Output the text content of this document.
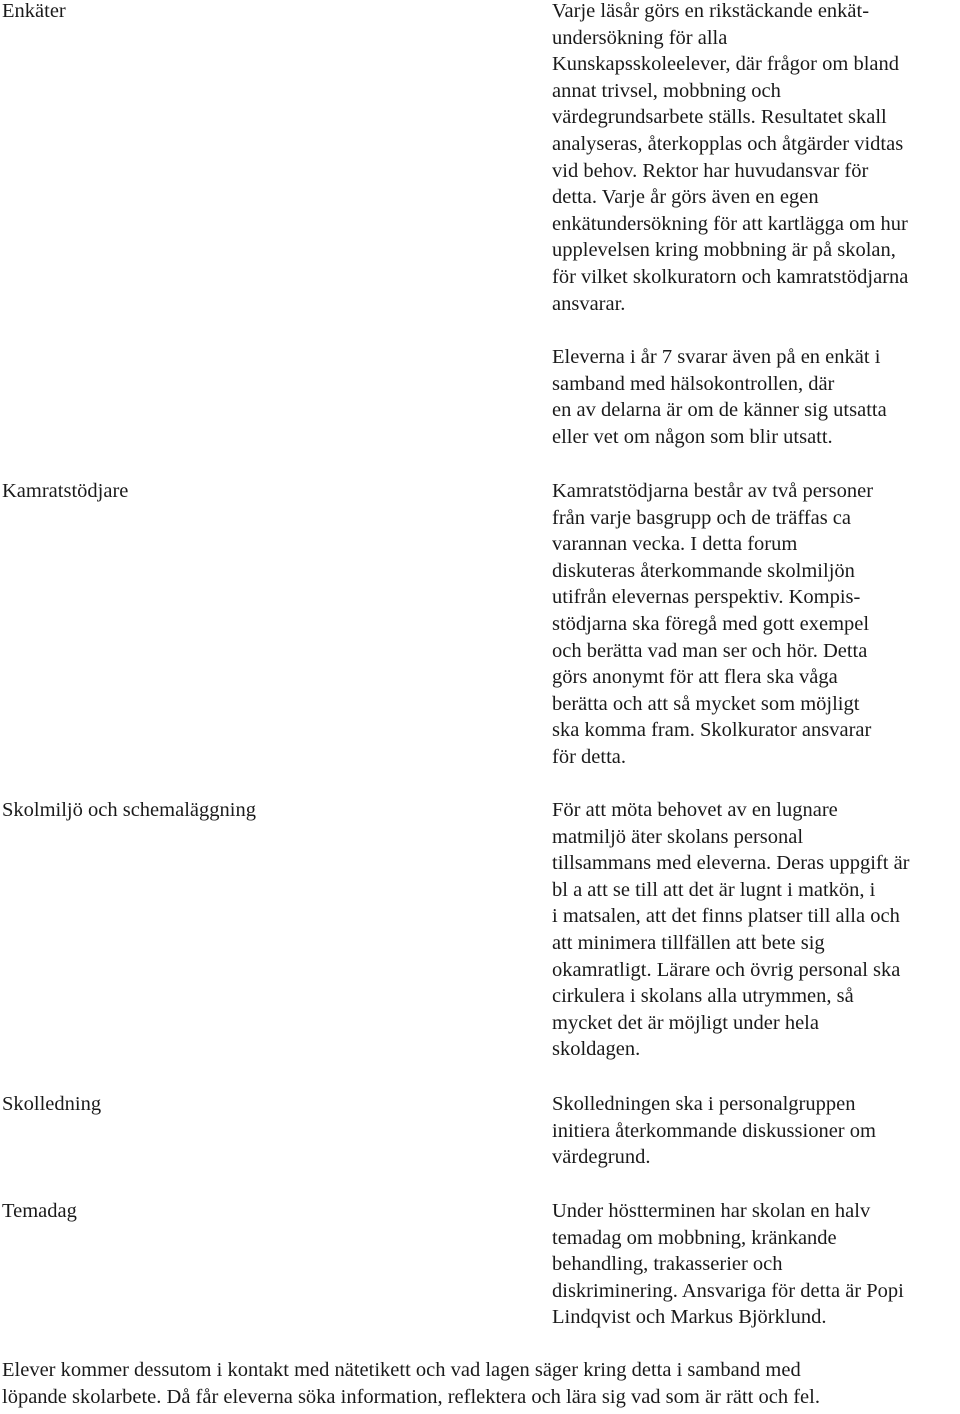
Enkäter	Varje läsår görs en rikstäckande enkät-
undersökning för alla
Kunskapsskoleelever, där frågor om bland
annat trivsel, mobbning och
värdegrundsarbete ställs. Resultatet skall
analyseras, återkopplas och åtgärder vidtas
vid behov. Rektor har huvudansvar för
detta. Varje år görs även en egen
enkätundersökning för att kartlägga om hur
upplevelsen kring mobbning är på skolan,
för vilket skolkuratorn och kamratstödjarna
ansvarar.
Eleverna i år 7 svarar även på en enkät i
samband med hälsokontrollen, där
en av delarna är om de känner sig utsatta
eller vet om någon som blir utsatt.
Kamratstödjare	Kamratstödjarna består av två personer
från varje basgrupp och de träffas ca
varannan vecka. I detta forum
diskuteras återkommande skolmiljön
utifrån elevernas perspektiv. Kompis-
stödjarna ska föregå med gott exempel
och berätta vad man ser och hör. Detta
görs anonymt för att flera ska våga
berätta och att så mycket som möjligt
ska komma fram. Skolkurator ansvarar
för detta.
Skolmiljö och schemaläggning	För att möta behovet av en lugnare
matmiljö äter skolans personal
tillsammans med eleverna. Deras uppgift är
bl a att se till att det är lugnt i matkön, i
i matsalen, att det finns platser till alla och
att minimera tillfällen att bete sig
okamratligt. Lärare och övrig personal ska
cirkulera i skolans alla utrymmen, så
mycket det är möjligt under hela
skoldagen.
Skolledning	Skolledningen ska i personalgruppen
initiera återkommande diskussioner om
värdegrund.
Temadag	Under höstterminen har skolan en halv
temadag om mobbning, kränkande
behandling, trakasserier och
diskriminering. Ansvariga för detta är Popi
Lindqvist och Markus Björklund.
Elever kommer dessutom i kontakt med nätetikett och vad lagen säger kring detta i samband med
löpande skolarbete. Då får eleverna söka information, reflektera och lära sig vad som är rätt och fel.
